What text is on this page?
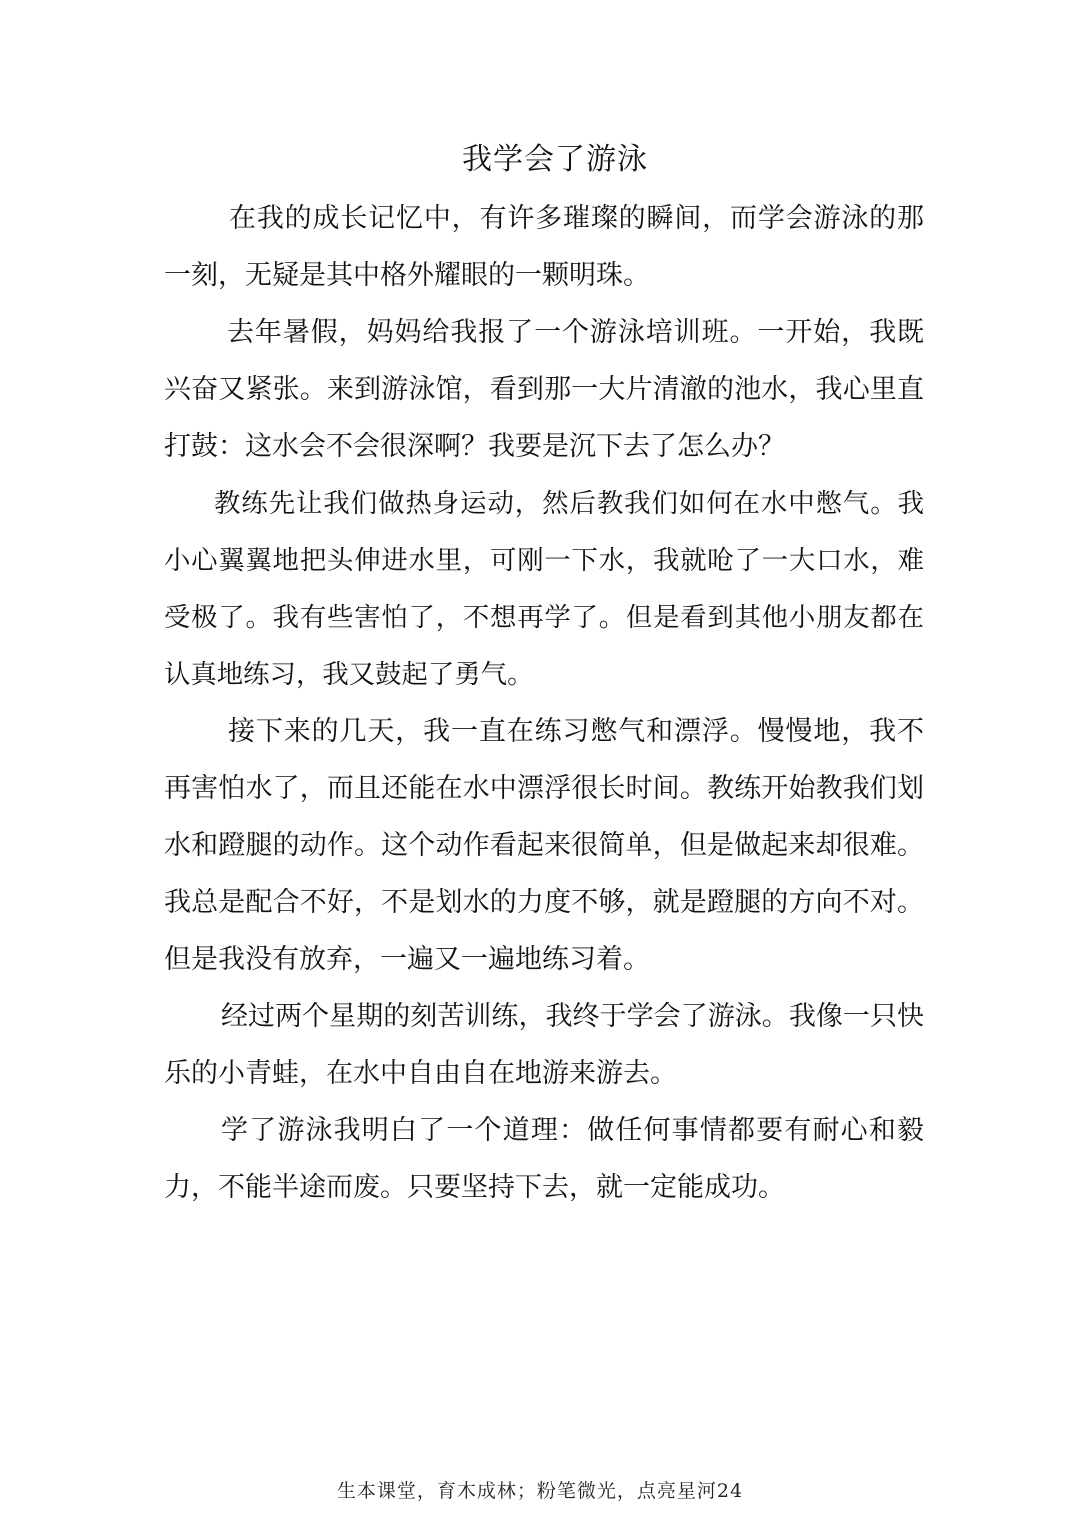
我学会了游泳

在我的成长记忆中，有许多璀璨的瞬间，而学会游泳的那一刻，无疑是其中格外耀眼的一颗明珠。

去年暑假，妈妈给我报了一个游泳培训班。一开始，我既兴奋又紧张。来到游泳馆，看到那一大片清澈的池水，我心里直打鼓：这水会不会很深啊？我要是沉下去了怎么办？

教练先让我们做热身运动，然后教我们如何在水中憋气。我小心翼翼地把头伸进水里，可刚一下水，我就呛了一大口水，难受极了。我有些害怕了，不想再学了。但是看到其他小朋友都在认真地练习，我又鼓起了勇气。

接下来的几天，我一直在练习憋气和漂浮。慢慢地，我不再害怕水了，而且还能在水中漂浮很长时间。教练开始教我们划水和蹬腿的动作。这个动作看起来很简单，但是做起来却很难。我总是配合不好，不是划水的力度不够，就是蹬腿的方向不对。但是我没有放弃，一遍又一遍地练习着。

经过两个星期的刻苦训练，我终于学会了游泳。我像一只快乐的小青蛙，在水中自由自在地游来游去。

学了游泳我明白了一个道理：做任何事情都要有耐心和毅力，不能半途而废。只要坚持下去，就一定能成功。

生本课堂，育木成林；粉笔微光，点亮星河24
